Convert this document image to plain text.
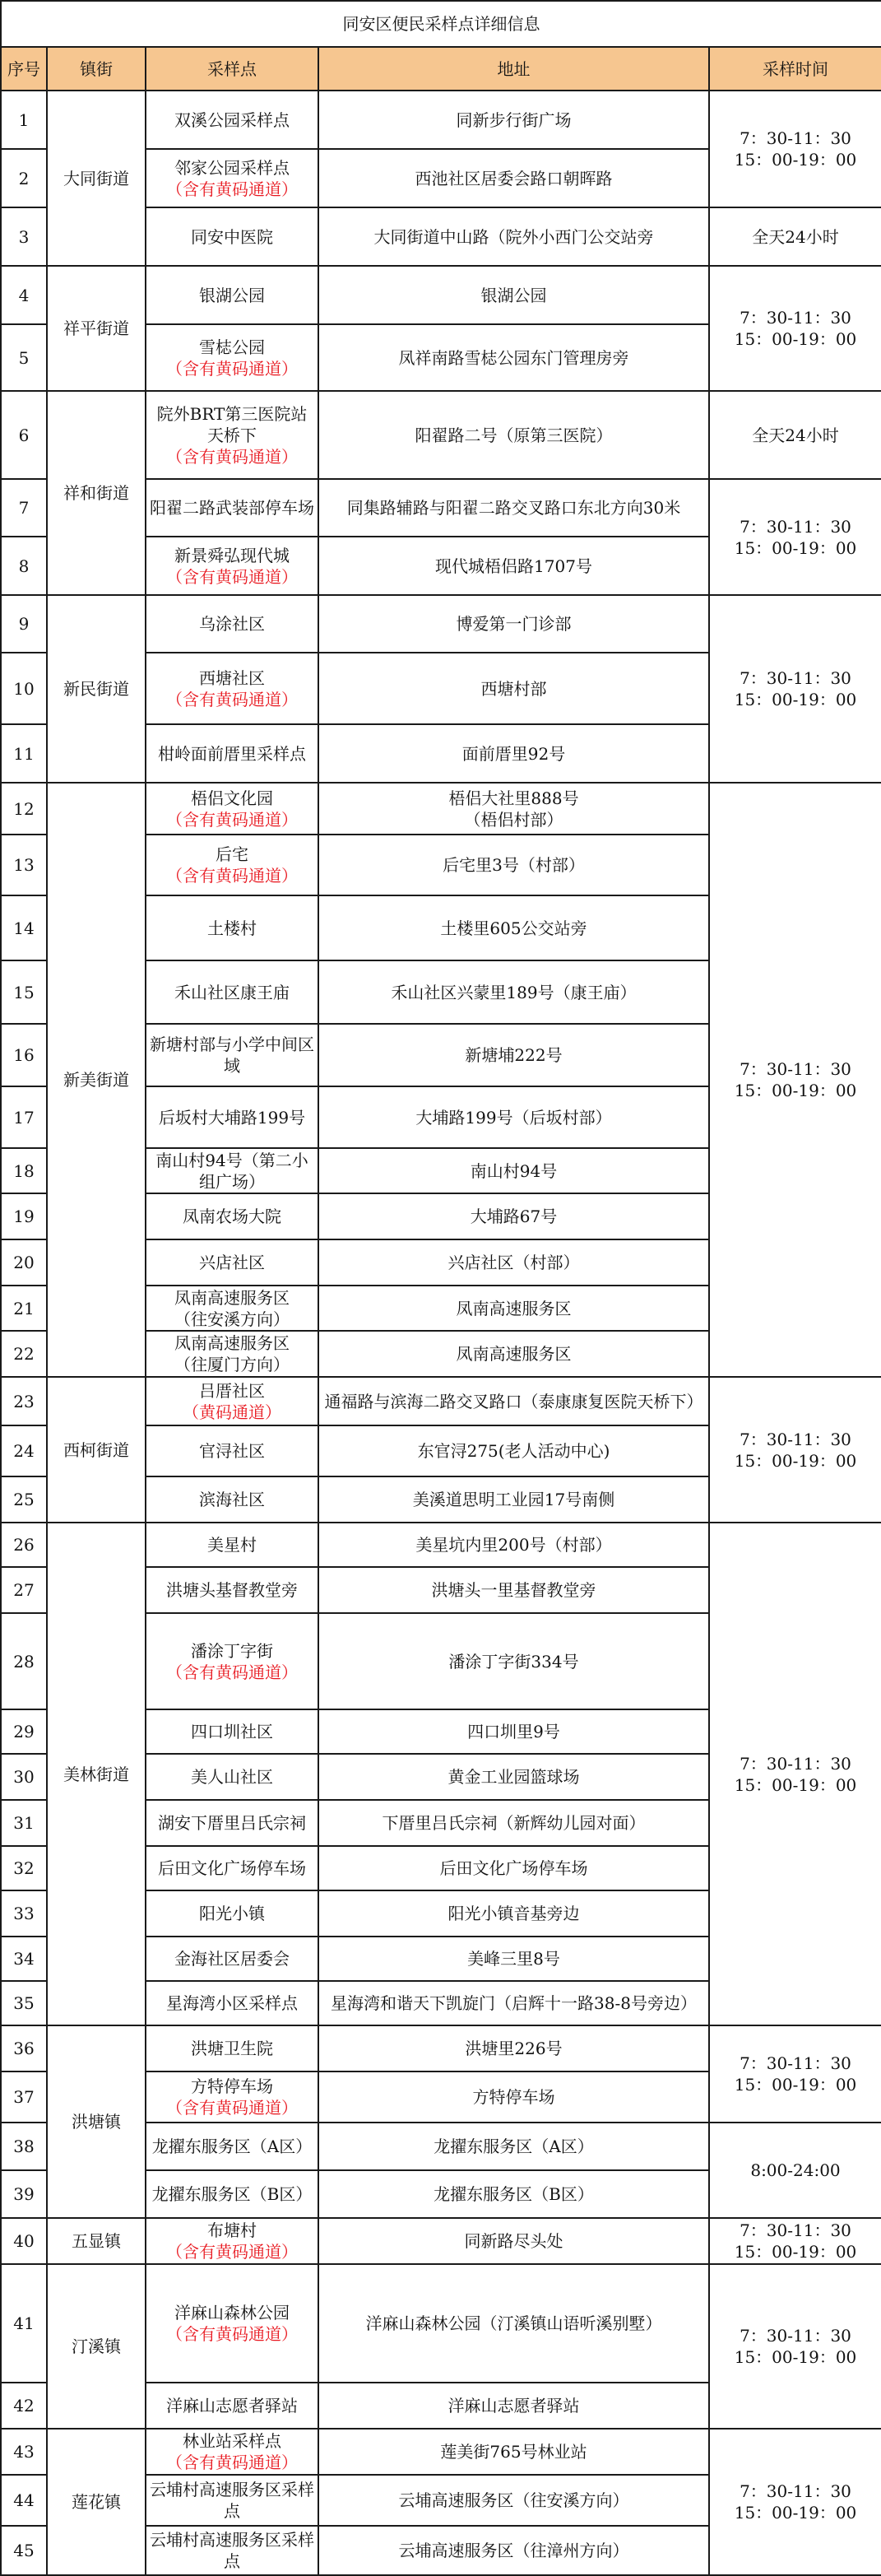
同安区便民采样点详细信息				
序号	镇街	采样点	地址	采样时间
1	大同街道	双溪公园采样点	同新步行街广场	7：30-11：30
15：00-19：00

2		邻家公园采样点
（含有黄码通道）	西池社区居委会路口朝晖路	
3		同安中医院	大同街道中山路（院外小西门公交站旁	全天24小时
4	祥平街道	银湖公园	银湖公园	7：30-11：30
15：00-19：00

5		雪梽公园
（含有黄码通道）	凤祥南路雪梽公园东门管理房旁	
6	祥和街道	院外BRT第三医院站天桥下
（含有黄码通道）	阳翟路二号（原第三医院）	全天24小时
7		阳翟二路武装部停车场	同集路辅路与阳翟二路交叉路口东北方向30米	7：30-11：30
15：00-19：00

8		新景舜弘现代城
（含有黄码通道）	现代城梧侣路1707号	
9	新民街道	乌涂社区	博爱第一门诊部	7：30-11：30
15：00-19：00

10		西塘社区
（含有黄码通道）	西塘村部	
11		柑岭面前厝里采样点	面前厝里92号	
12	新美街道	梧侣文化园
（含有黄码通道）	梧侣大社里888号
（梧侣村部）	7：30-11：30
15：00-19：00

13		后宅
（含有黄码通道）	后宅里3号（村部）	
14		土楼村	土楼里605公交站旁	
15		禾山社区康王庙	禾山社区兴蒙里189号（康王庙）	
16		新塘村部与小学中间区域	新塘埔222号	
17		后坂村大埔路199号	大埔路199号（后坂村部）	
18		南山村94号（第二小组广场）	南山村94号	
19		凤南农场大院	大埔路67号	
20		兴店社区	兴店社区（村部）	
21		凤南高速服务区
（往安溪方向）	凤南高速服务区	
22		凤南高速服务区
（往厦门方向）	凤南高速服务区	
23	西柯街道	吕厝社区
（黄码通道）	通福路与滨海二路交叉路口（泰康康复医院天桥下）	7：30-11：30
15：00-19：00

24		官浔社区	东官浔275(老人活动中心)	
25		滨海社区	美溪道思明工业园17号南侧	
26	美林街道	美星村	美星坑内里200号（村部）	7：30-11：30
15：00-19：00

27		洪塘头基督教堂旁	洪塘头一里基督教堂旁	
28		潘涂丁字街
（含有黄码通道）	潘涂丁字街334号	
29		四口圳社区	四口圳里9号	
30		美人山社区	黄金工业园篮球场	
31		湖安下厝里吕氏宗祠	下厝里吕氏宗祠（新辉幼儿园对面）	
32		后田文化广场停车场	后田文化广场停车场	
33		阳光小镇	阳光小镇音基旁边	
34		金海社区居委会	美峰三里8号	
35		星海湾小区采样点	星海湾和谐天下凯旋门（启辉十一路38-8号旁边）	
36	洪塘镇	洪塘卫生院	洪塘里226号	7：30-11：30
15：00-19：00

37		方特停车场
（含有黄码通道）	方特停车场	
38		龙擢东服务区（A区）	龙擢东服务区（A区）	8:00-24:00
39		龙擢东服务区（B区）	龙擢东服务区（B区）	
40	五显镇	布塘村
（含有黄码通道）	同新路尽头处	7：30-11：30
15：00-19：00

41	汀溪镇	洋麻山森林公园
（含有黄码通道）	洋麻山森林公园（汀溪镇山语听溪别墅）	7：30-11：30
15：00-19：00

42		洋麻山志愿者驿站	洋麻山志愿者驿站	
43	莲花镇	林业站采样点
（含有黄码通道）	莲美街765号林业站	7：30-11：30
15：00-19：00

44		云埔村高速服务区采样点	云埔高速服务区（往安溪方向）	
45		云埔村高速服务区采样点	云埔高速服务区（往漳州方向）	
